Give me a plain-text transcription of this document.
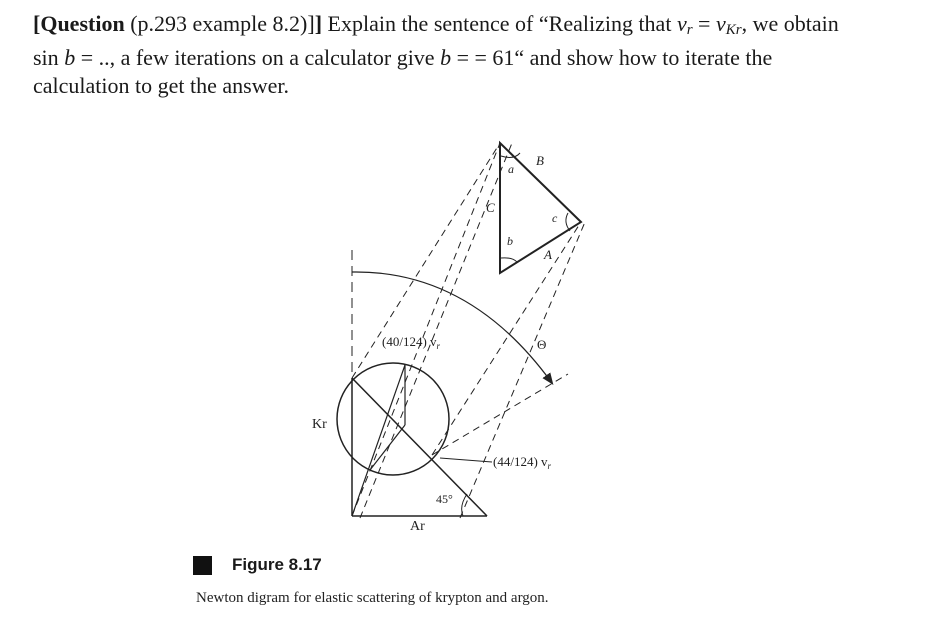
[Question (p.293 example 8.2)]] Explain the sentence of “Realizing that $v_r = v_{Kr}$, we obtain
sin b = .., a few iterations on a calculator give b = = 61“ and show how to iterate the
calculation to get the answer.
B
a
C
c
b
A
Θ
(40/124) $v_r$
(44/124) $v_r$
Kr
Ar
45°
Figure 8.17
Newton digram for elastic scattering of krypton and argon.
